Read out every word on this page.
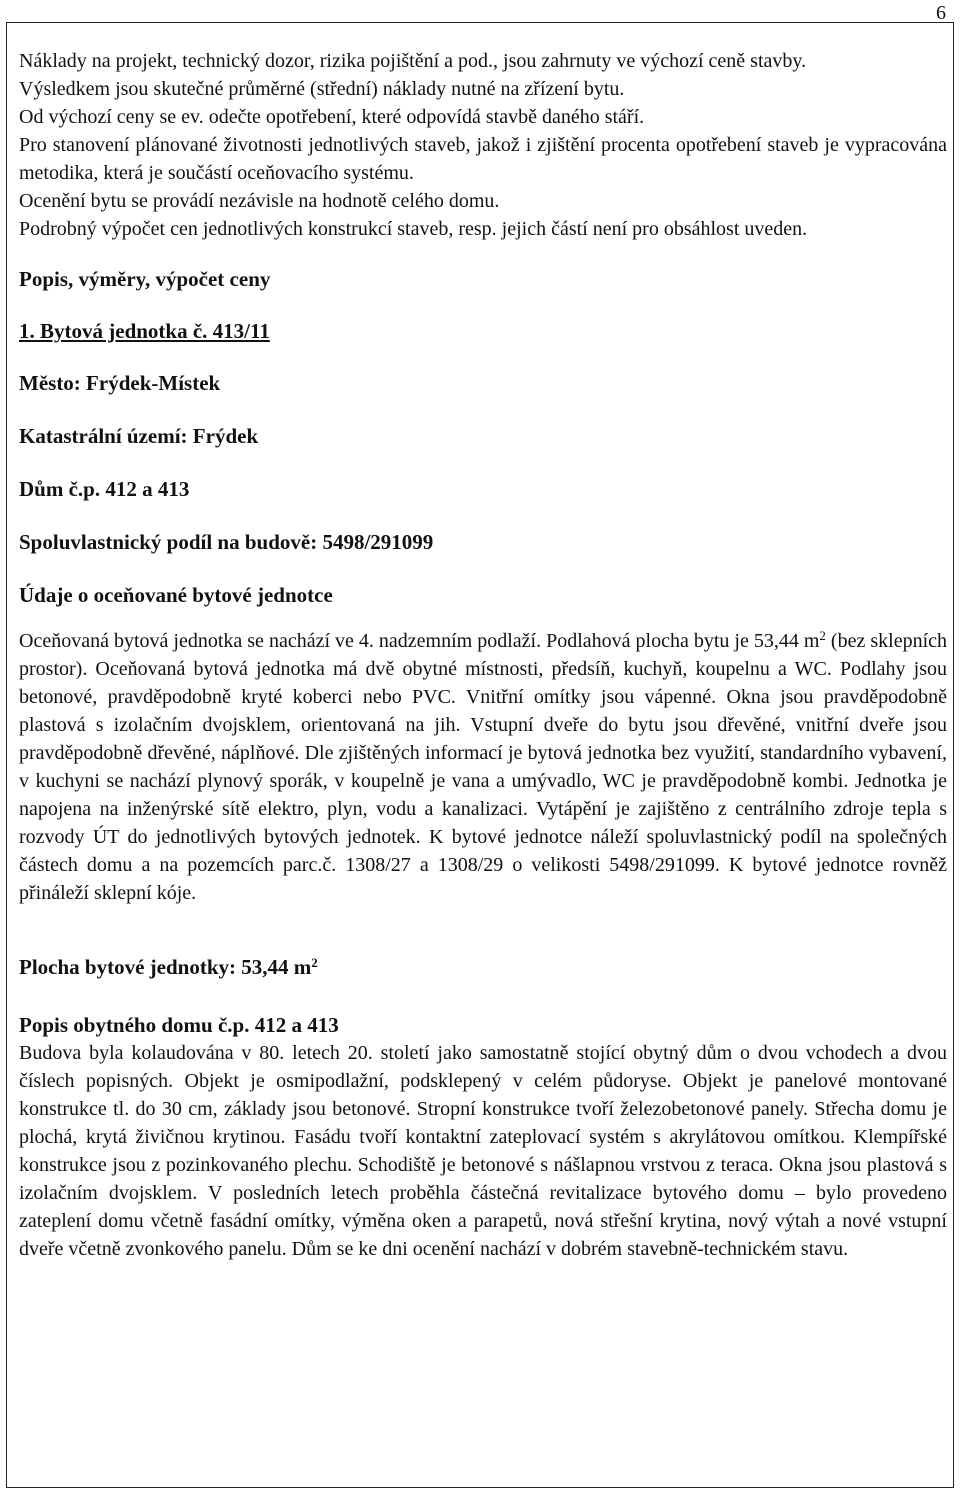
6

Náklady na projekt, technický dozor, rizika pojištění a pod., jsou zahrnuty ve výchozí ceně stavby.

Výsledkem jsou skutečné průměrné (střední) náklady nutné na zřízení bytu.

Od výchozí ceny se ev. odečte opotřebení, které odpovídá stavbě daného stáří.

Pro stanovení plánované životnosti jednotlivých staveb, jakož i zjištění procenta opotřebení staveb je vypracována metodika, která je součástí oceňovacího systému.

Ocenění bytu se provádí nezávisle na hodnotě celého domu.

Podrobný výpočet cen jednotlivých konstrukcí staveb, resp. jejich částí není pro obsáhlost uveden.

Popis, výměry, výpočet ceny

1. Bytová jednotka č. 413/11

Město: Frýdek-Místek

Katastrální území: Frýdek

Dům č.p. 412 a 413

Spoluvlastnický podíl na budově: 5498/291099

Údaje o oceňované bytové jednotce

Oceňovaná bytová jednotka se nachází ve 4. nadzemním podlaží. Podlahová plocha bytu je 53,44 $m^2$ (bez sklepních prostor). Oceňovaná bytová jednotka má dvě obytné místnosti, předsíň, kuchyň, koupelnu a WC. Podlahy jsou betonové, pravděpodobně kryté koberci nebo PVC. Vnitřní omítky jsou vápenné. Okna jsou pravděpodobně plastová s izolačním dvojsklem, orientovaná na jih. Vstupní dveře do bytu jsou dřevěné, vnitřní dveře jsou pravděpodobně dřevěné, náplňové. Dle zjištěných informací je bytová jednotka bez využití, standardního vybavení, v kuchyni se nachází plynový sporák, v koupelně je vana a umývadlo, WC je pravděpodobně kombi. Jednotka je napojena na inženýrské sítě elektro, plyn, vodu a kanalizaci. Vytápění je zajištěno z centrálního zdroje tepla s rozvody ÚT do jednotlivých bytových jednotek. K bytové jednotce náleží spoluvlastnický podíl na společných částech domu a na pozemcích parc.č. 1308/27 a 1308/29 o velikosti 5498/291099. K bytové jednotce rovněž přináleží sklepní kóje.

Plocha bytové jednotky: 53,44 $m^2$

Popis obytného domu č.p. 412 a 413

Budova byla kolaudována v 80. letech 20. století jako samostatně stojící obytný dům o dvou vchodech a dvou číslech popisných. Objekt je osmipodlažní, podsklepený v celém půdoryse. Objekt je panelové montované konstrukce tl. do 30 cm, základy jsou betonové. Stropní konstrukce tvoří železobetonové panely. Střecha domu je plochá, krytá živičnou krytinou. Fasádu tvoří kontaktní zateplovací systém s akrylátovou omítkou. Klempířské konstrukce jsou z pozinkovaného plechu. Schodiště je betonové s nášlapnou vrstvou z teraca. Okna jsou plastová s izolačním dvojsklem. V posledních letech proběhla částečná revitalizace bytového domu – bylo provedeno zateplení domu včetně fasádní omítky, výměna oken a parapetů, nová střešní krytina, nový výtah a nové vstupní dveře včetně zvonkového panelu. Dům se ke dni ocenění nachází v dobrém stavebně-technickém stavu.
